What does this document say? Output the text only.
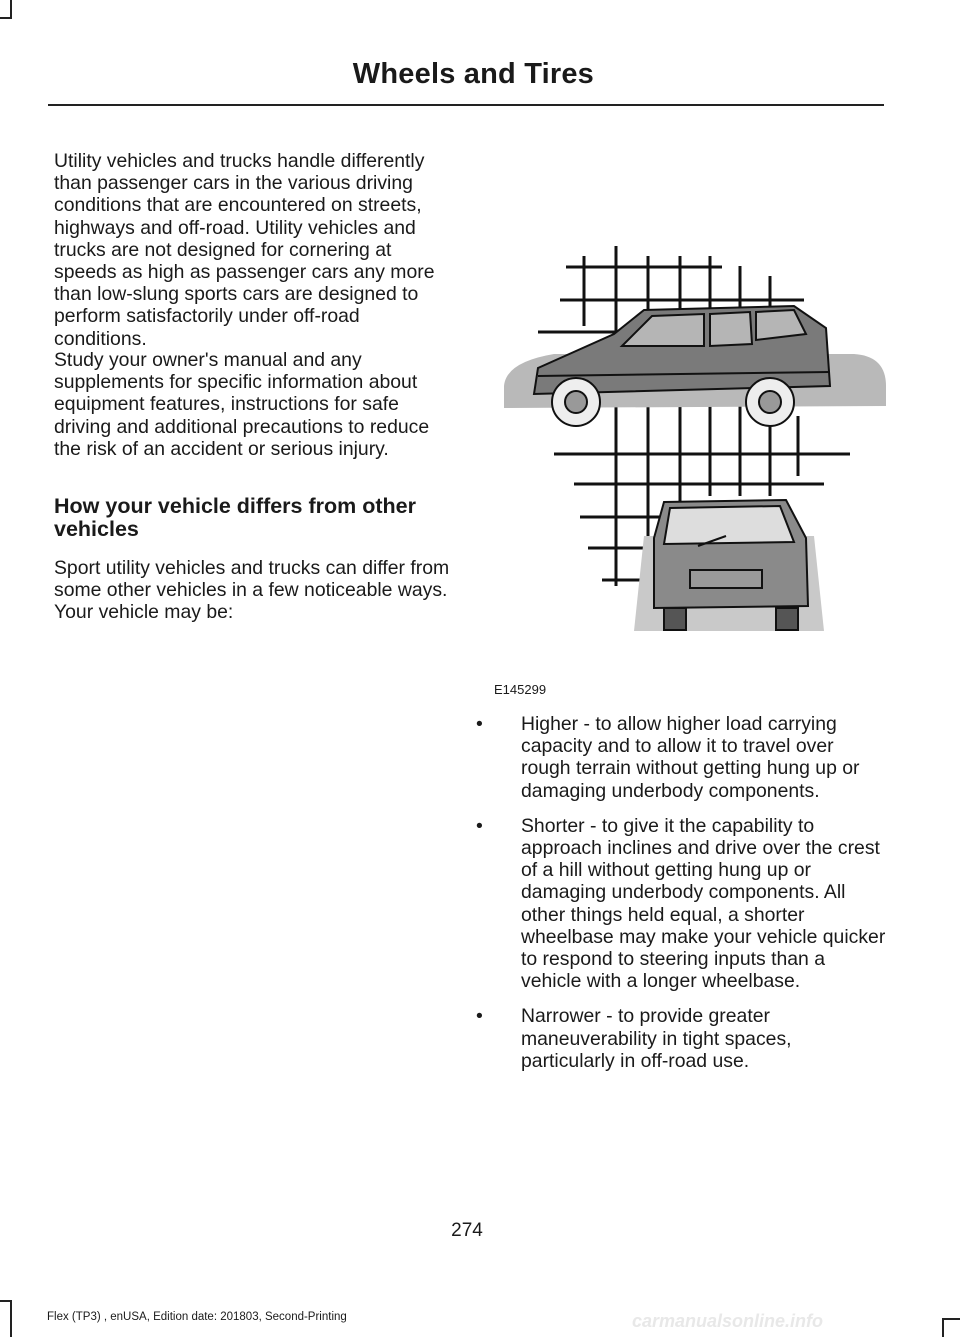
Wheels and Tires

Utility vehicles and trucks handle differently than passenger cars in the various driving conditions that are encountered on streets, highways and off-road. Utility vehicles and trucks are not designed for cornering at speeds as high as passenger cars any more than low-slung sports cars are designed to perform satisfactorily under off-road conditions.

Study your owner's manual and any supplements for specific information about equipment features, instructions for safe driving and additional precautions to reduce the risk of an accident or serious injury.

How your vehicle differs from other vehicles

Sport utility vehicles and trucks can differ from some other vehicles in a few noticeable ways. Your vehicle may be:

E145299
• Higher - to allow higher load carrying capacity and to allow it to travel over rough terrain without getting hung up or damaging underbody components.
• Shorter - to give it the capability to approach inclines and drive over the crest of a hill without getting hung up or damaging underbody components. All other things held equal, a shorter wheelbase may make your vehicle quicker to respond to steering inputs than a vehicle with a longer wheelbase.
• Narrower - to provide greater maneuverability in tight spaces, particularly in off-road use.
274
Flex (TP3) , enUSA, Edition date: 201803, Second-Printing	carmanualsonline.info
